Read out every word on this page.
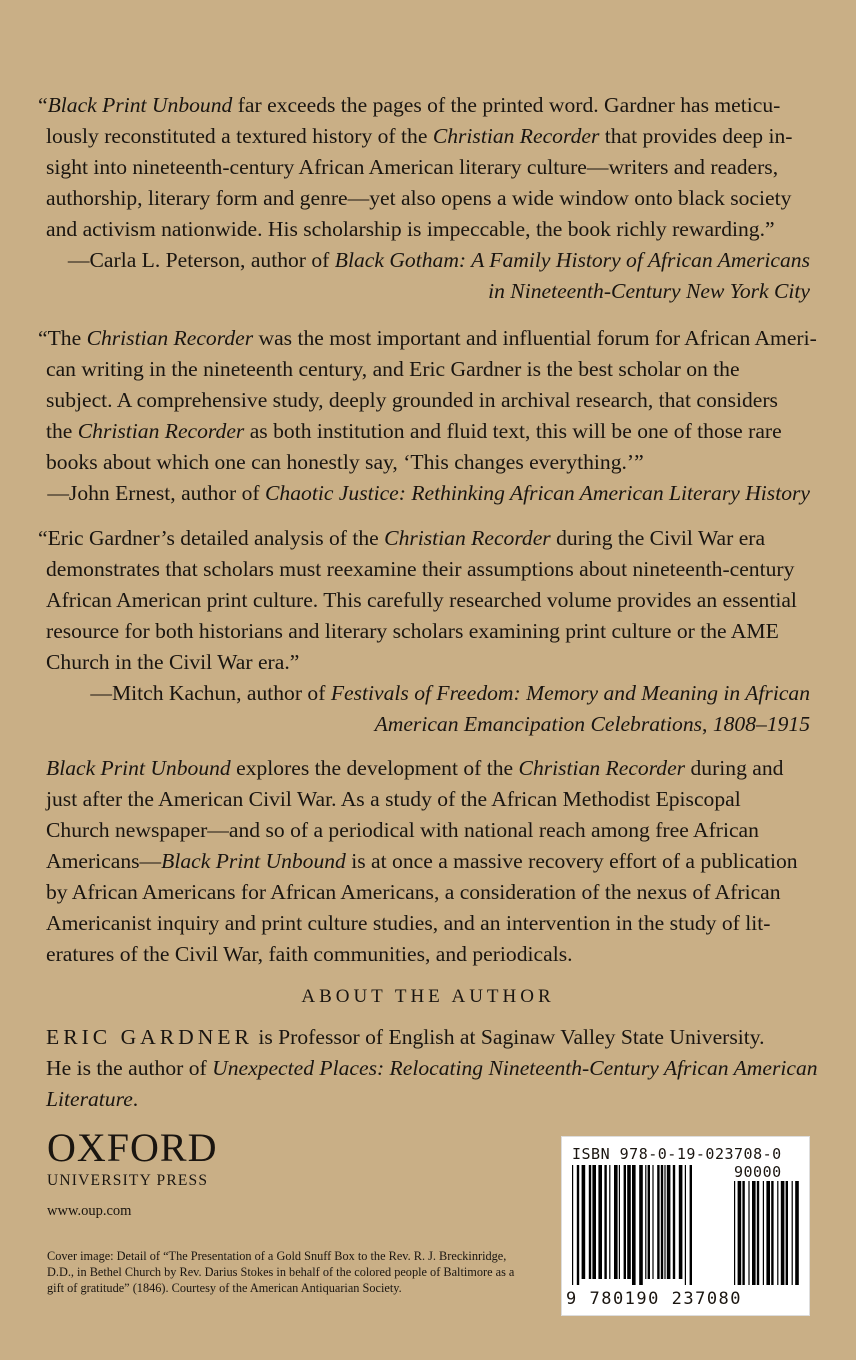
“Black Print Unbound far exceeds the pages of the printed word. Gardner has meticu-
lously reconstituted a textured history of the Christian Recorder that provides deep in-
sight into nineteenth-century African American literary culture—writers and readers,
authorship, literary form and genre—yet also opens a wide window onto black society
and activism nationwide. His scholarship is impeccable, the book richly rewarding.”
—Carla L. Peterson, author of Black Gotham: A Family History of African Americans
in Nineteenth-Century New York City
“The Christian Recorder was the most important and influential forum for African Ameri-
can writing in the nineteenth century, and Eric Gardner is the best scholar on the
subject. A comprehensive study, deeply grounded in archival research, that considers
the Christian Recorder as both institution and fluid text, this will be one of those rare
books about which one can honestly say, ‘This changes everything.’”
—John Ernest, author of Chaotic Justice: Rethinking African American Literary History
“Eric Gardner’s detailed analysis of the Christian Recorder during the Civil War era
demonstrates that scholars must reexamine their assumptions about nineteenth-century
African American print culture. This carefully researched volume provides an essential
resource for both historians and literary scholars examining print culture or the AME
Church in the Civil War era.”
—Mitch Kachun, author of Festivals of Freedom: Memory and Meaning in African
American Emancipation Celebrations, 1808–1915
Black Print Unbound explores the development of the Christian Recorder during and
just after the American Civil War. As a study of the African Methodist Episcopal
Church newspaper—and so of a periodical with national reach among free African
Americans—Black Print Unbound is at once a massive recovery effort of a publication
by African Americans for African Americans, a consideration of the nexus of African
Americanist inquiry and print culture studies, and an intervention in the study of lit-
eratures of the Civil War, faith communities, and periodicals.
ABOUT THE AUTHOR
ERIC GARDNER is Professor of English at Saginaw Valley State University.
He is the author of Unexpected Places: Relocating Nineteenth-Century African American
Literature.
OXFORD
UNIVERSITY PRESS
www.oup.com
Cover image: Detail of “The Presentation of a Gold Snuff Box to the Rev. R. J. Breckinridge, D.D., in Bethel Church by Rev. Darius Stokes in behalf of the colored people of Baltimore as a gift of gratitude” (1846). Courtesy of the American Antiquarian Society.
ISBN 978-0-19-023708-0
90000
9 780190 237080
